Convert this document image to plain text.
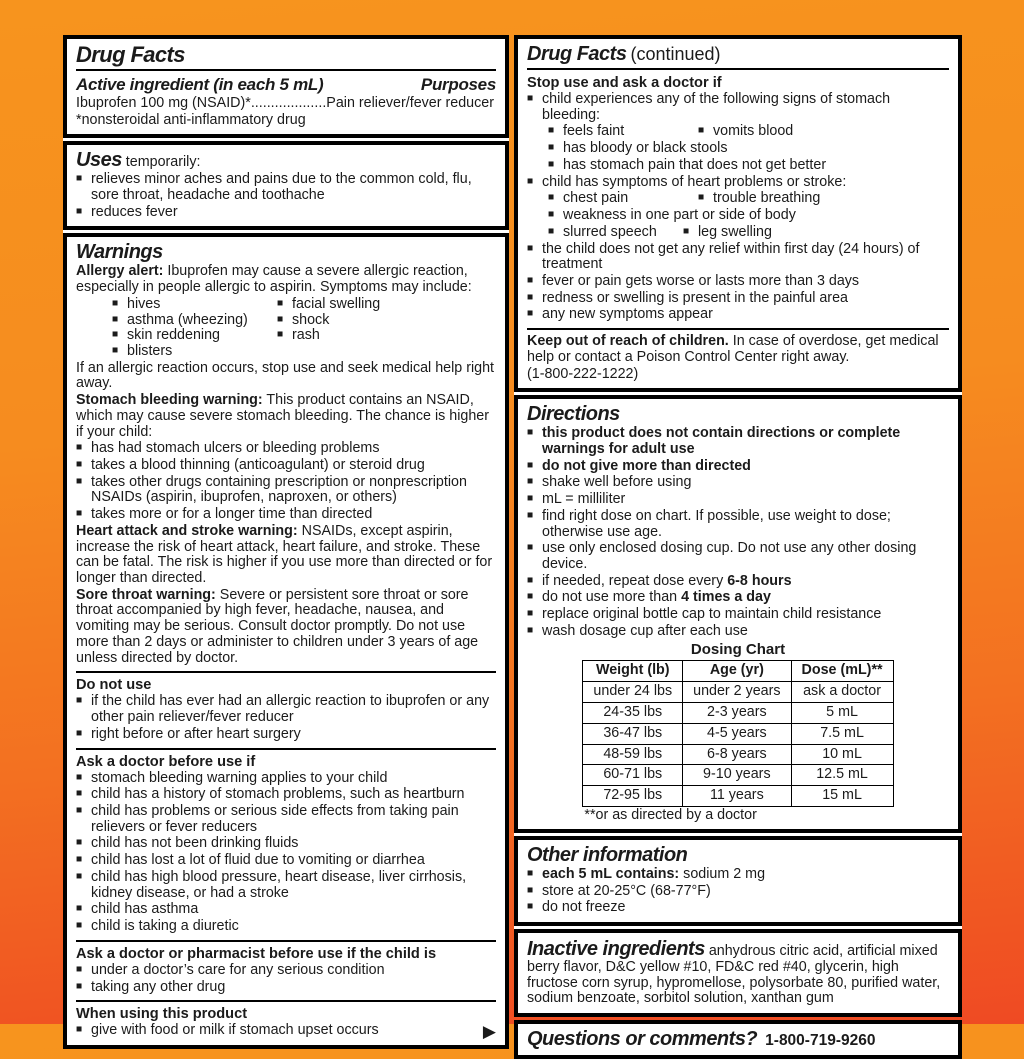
Drug Facts
Active ingredient (in each 5 mL)	Purposes

Ibuprofen 100 mg (NSAID)*...................Pain reliever/fever reducer

*nonsteroidal anti-inflammatory drug

Uses temporarily:
■ relieves minor aches and pains due to the common cold, flu, sore throat, headache and toothache
■ reduces fever
Warnings

Allergy alert: Ibuprofen may cause a severe allergic reaction, especially in people allergic to aspirin. Symptoms may include:

■ hives	■ facial swelling
■ asthma (wheezing)	■ shock
■ skin reddening	■ rash
■ blisters

If an allergic reaction occurs, stop use and seek medical help right away.

Stomach bleeding warning: This product contains an NSAID, which may cause severe stomach bleeding. The chance is higher if your child:

■ has had stomach ulcers or bleeding problems
■ takes a blood thinning (anticoagulant) or steroid drug
■ takes other drugs containing prescription or nonprescription NSAIDs (aspirin, ibuprofen, naproxen, or others)
■ takes more or for a longer time than directed

Heart attack and stroke warning: NSAIDs, except aspirin, increase the risk of heart attack, heart failure, and stroke. These can be fatal. The risk is higher if you use more than directed or for longer than directed.

Sore throat warning: Severe or persistent sore throat or sore throat accompanied by high fever, headache, nausea, and vomiting may be serious. Consult doctor promptly. Do not use more than 2 days or administer to children under 3 years of age unless directed by doctor.

Do not use
■ if the child has ever had an allergic reaction to ibuprofen or any other pain reliever/fever reducer
■ right before or after heart surgery
Ask a doctor before use if
■ stomach bleeding warning applies to your child
■ child has a history of stomach problems, such as heartburn
■ child has problems or serious side effects from taking pain relievers or fever reducers
■ child has not been drinking fluids
■ child has lost a lot of fluid due to vomiting or diarrhea
■ child has high blood pressure, heart disease, liver cirrhosis, kidney disease, or had a stroke
■ child has asthma
■ child is taking a diuretic
Ask a doctor or pharmacist before use if the child is
■ under a doctor’s care for any serious condition
■ taking any other drug
When using this product
■ give with food or milk if stomach upset occurs	▶
Drug Facts (continued)
Stop use and ask a doctor if
■ child experiences any of the following signs of stomach bleeding:
■ feels faint	■ vomits blood
■ has bloody or black stools
■ has stomach pain that does not get better
■ child has symptoms of heart problems or stroke:
■ chest pain	■ trouble breathing
■ weakness in one part or side of body
■ slurred speech	■ leg swelling
■ the child does not get any relief within first day (24 hours) of treatment
■ fever or pain gets worse or lasts more than 3 days
■ redness or swelling is present in the painful area
■ any new symptoms appear

Keep out of reach of children. In case of overdose, get medical help or contact a Poison Control Center right away.

(1-800-222-1222)

Directions
■ this product does not contain directions or complete warnings for adult use
■ do not give more than directed
■ shake well before using
■ mL = milliliter
■ find right dose on chart. If possible, use weight to dose; otherwise use age.
■ use only enclosed dosing cup. Do not use any other dosing device.
■ if needed, repeat dose every 6-8 hours
■ do not use more than 4 times a day
■ replace original bottle cap to maintain child resistance
■ wash dosage cup after each use
Dosing Chart
Weight (lb)	Age (yr)	Dose (mL)**
under 24 lbs	under 2 years	ask a doctor
24-35 lbs	2-3 years	5 mL
36-47 lbs	4-5 years	7.5 mL
48-59 lbs	6-8 years	10 mL
60-71 lbs	9-10 years	12.5 mL
72-95 lbs	11 years	15 mL
**or as directed by a doctor
Other information
■ each 5 mL contains: sodium 2 mg
■ store at 20-25°C (68-77°F)
■ do not freeze

Inactive ingredients anhydrous citric acid, artificial mixed berry flavor, D&C yellow #10, FD&C red #40, glycerin, high fructose corn syrup, hypromellose, polysorbate 80, purified water, sodium benzoate, sorbitol solution, xanthan gum

Questions or comments? 1-800-719-9260
